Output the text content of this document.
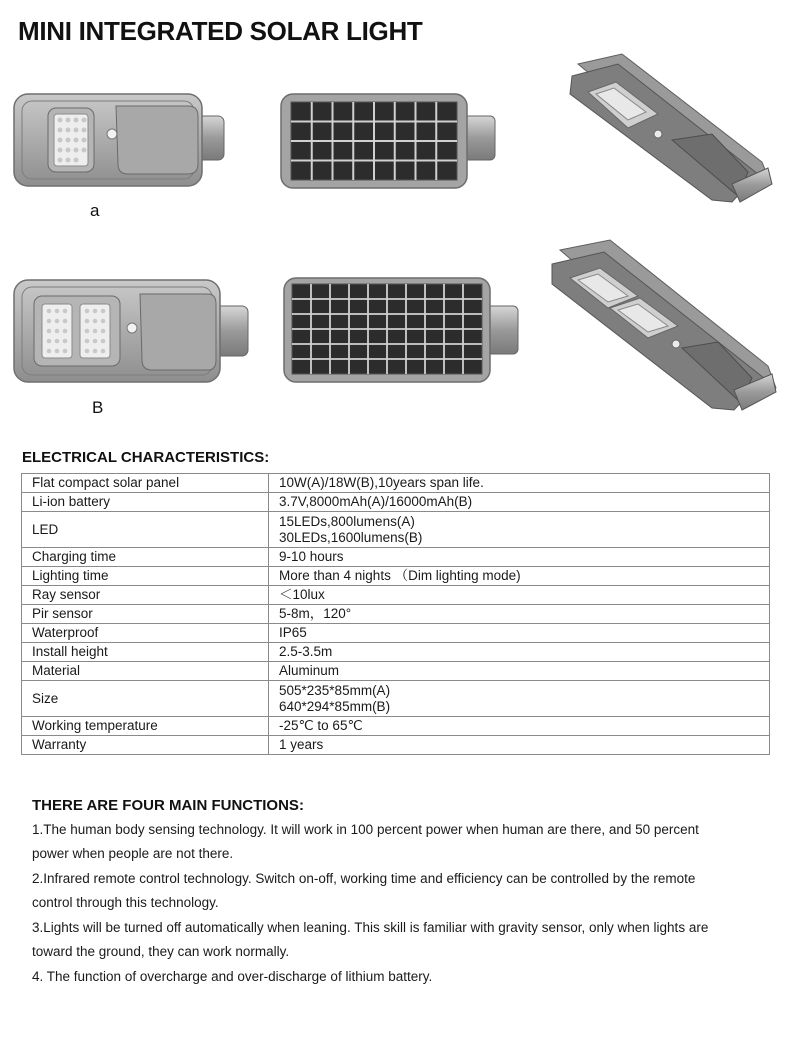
MINI INTEGRATED SOLAR LIGHT
a
B
ELECTRICAL CHARACTERISTICS:
Flat compact solar panel	10W(A)/18W(B),10years span life.

Li-ion battery	3.7V,8000mAh(A)/16000mAh(B)

LED	15LEDs,800lumens(A)
30LEDs,1600lumens(B)

Charging time	9-10 hours

Lighting time	More than 4 nights （Dim lighting mode)

Ray sensor	＜10lux

Pir sensor	5-8m，120°

Waterproof	IP65

Install height	2.5-3.5m

Material	Aluminum

Size	505*235*85mm(A)
640*294*85mm(B)

Working temperature	-25℃ to 65℃

Warranty	1 years
THERE ARE FOUR MAIN FUNCTIONS:
1.The human body sensing technology. It will work in 100 percent power when human are there, and 50 percent power when people are not there.
2.Infrared remote control technology. Switch on-off, working time and efficiency can be controlled by the remote control through this technology.
3.Lights will be turned off automatically when leaning. This skill is familiar with gravity sensor, only when lights are toward the ground, they can work normally.
4. The function of overcharge and over-discharge of lithium battery.
